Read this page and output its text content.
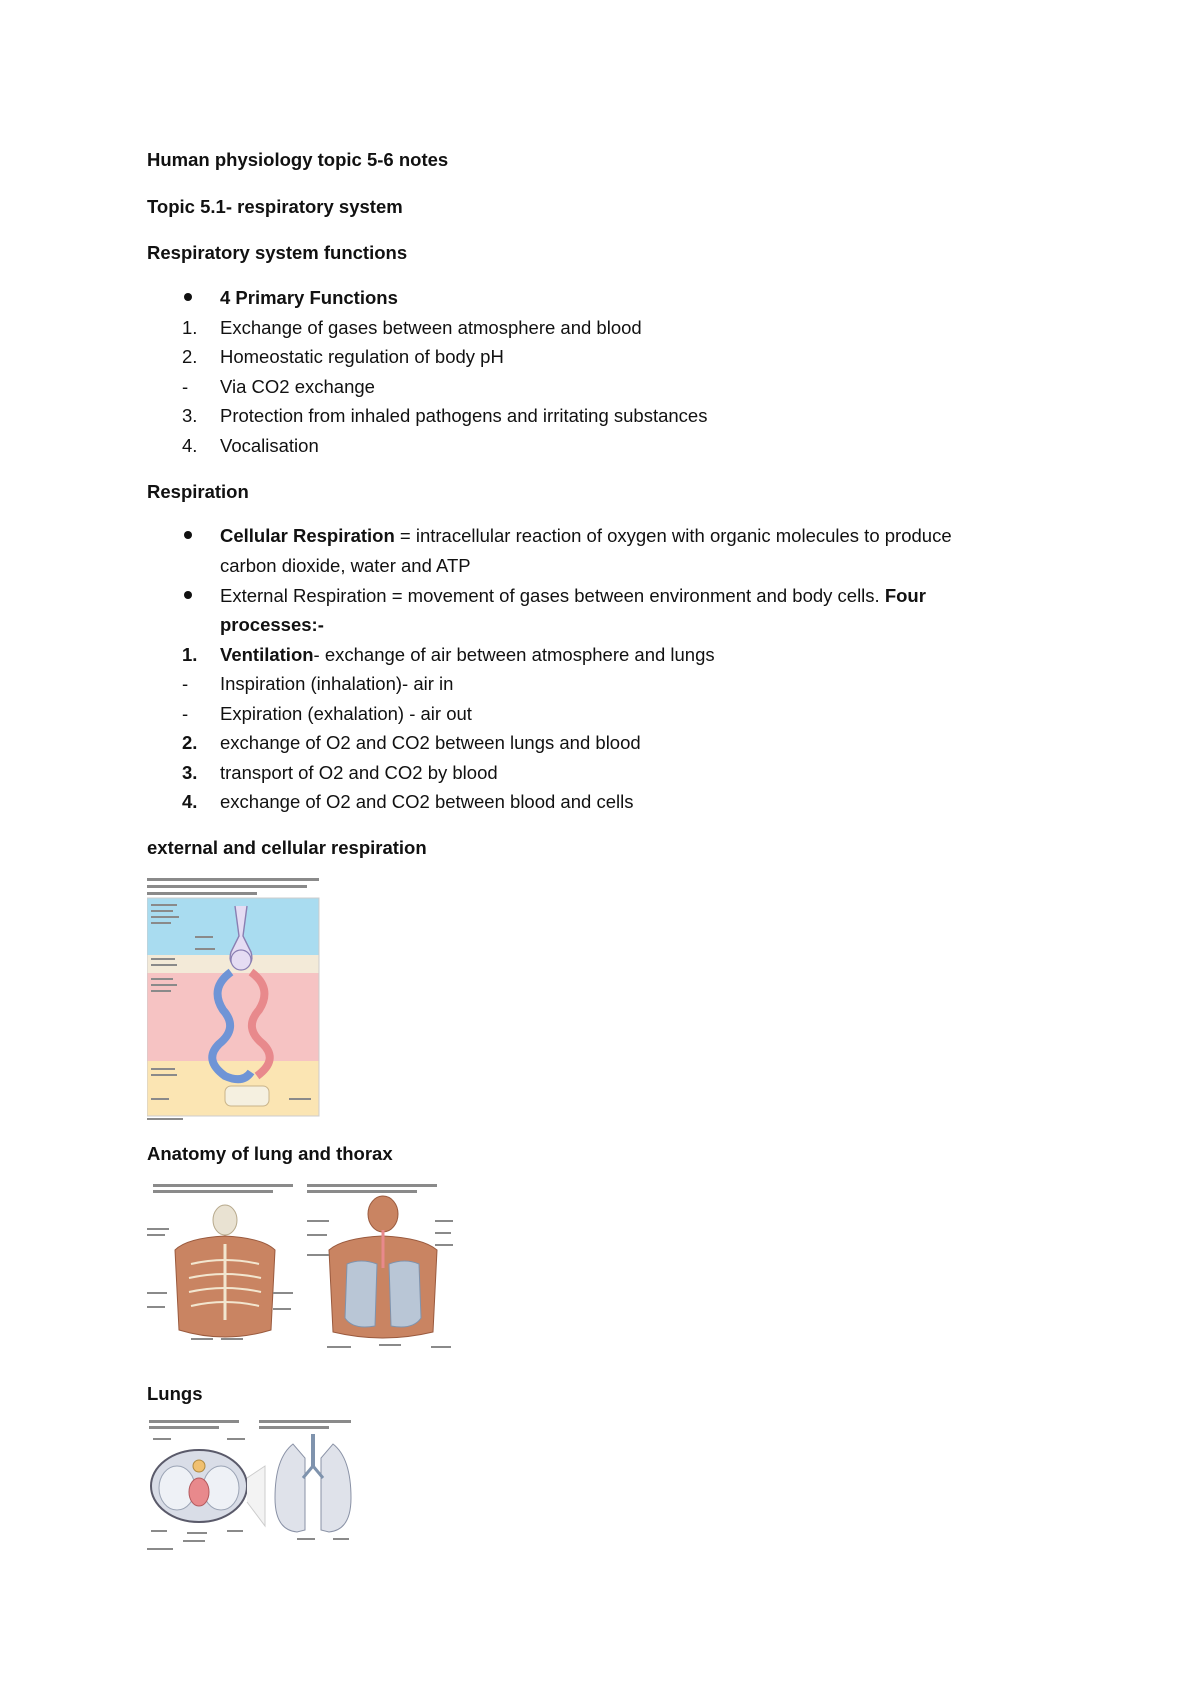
Human physiology topic 5-6 notes
Topic 5.1- respiratory system
Respiratory system functions
4 Primary Functions
1.	Exchange of gases between atmosphere and blood
2.	Homeostatic regulation of body pH
-	Via CO2 exchange
3.	Protection from inhaled pathogens and irritating substances
4.	Vocalisation
Respiration
Cellular Respiration = intracellular reaction of oxygen with organic molecules to produce
carbon dioxide, water and ATP
External Respiration = movement of gases between environment and body cells. Four
processes:-
1.	Ventilation- exchange of air between atmosphere and lungs
-	Inspiration (inhalation)- air in
-	Expiration (exhalation) - air out
2.	exchange of O2 and CO2 between lungs and blood
3.	transport of O2 and CO2 by blood
4.	exchange of O2 and CO2 between blood and cells
external and cellular respiration
Anatomy of lung and thorax
Lungs
